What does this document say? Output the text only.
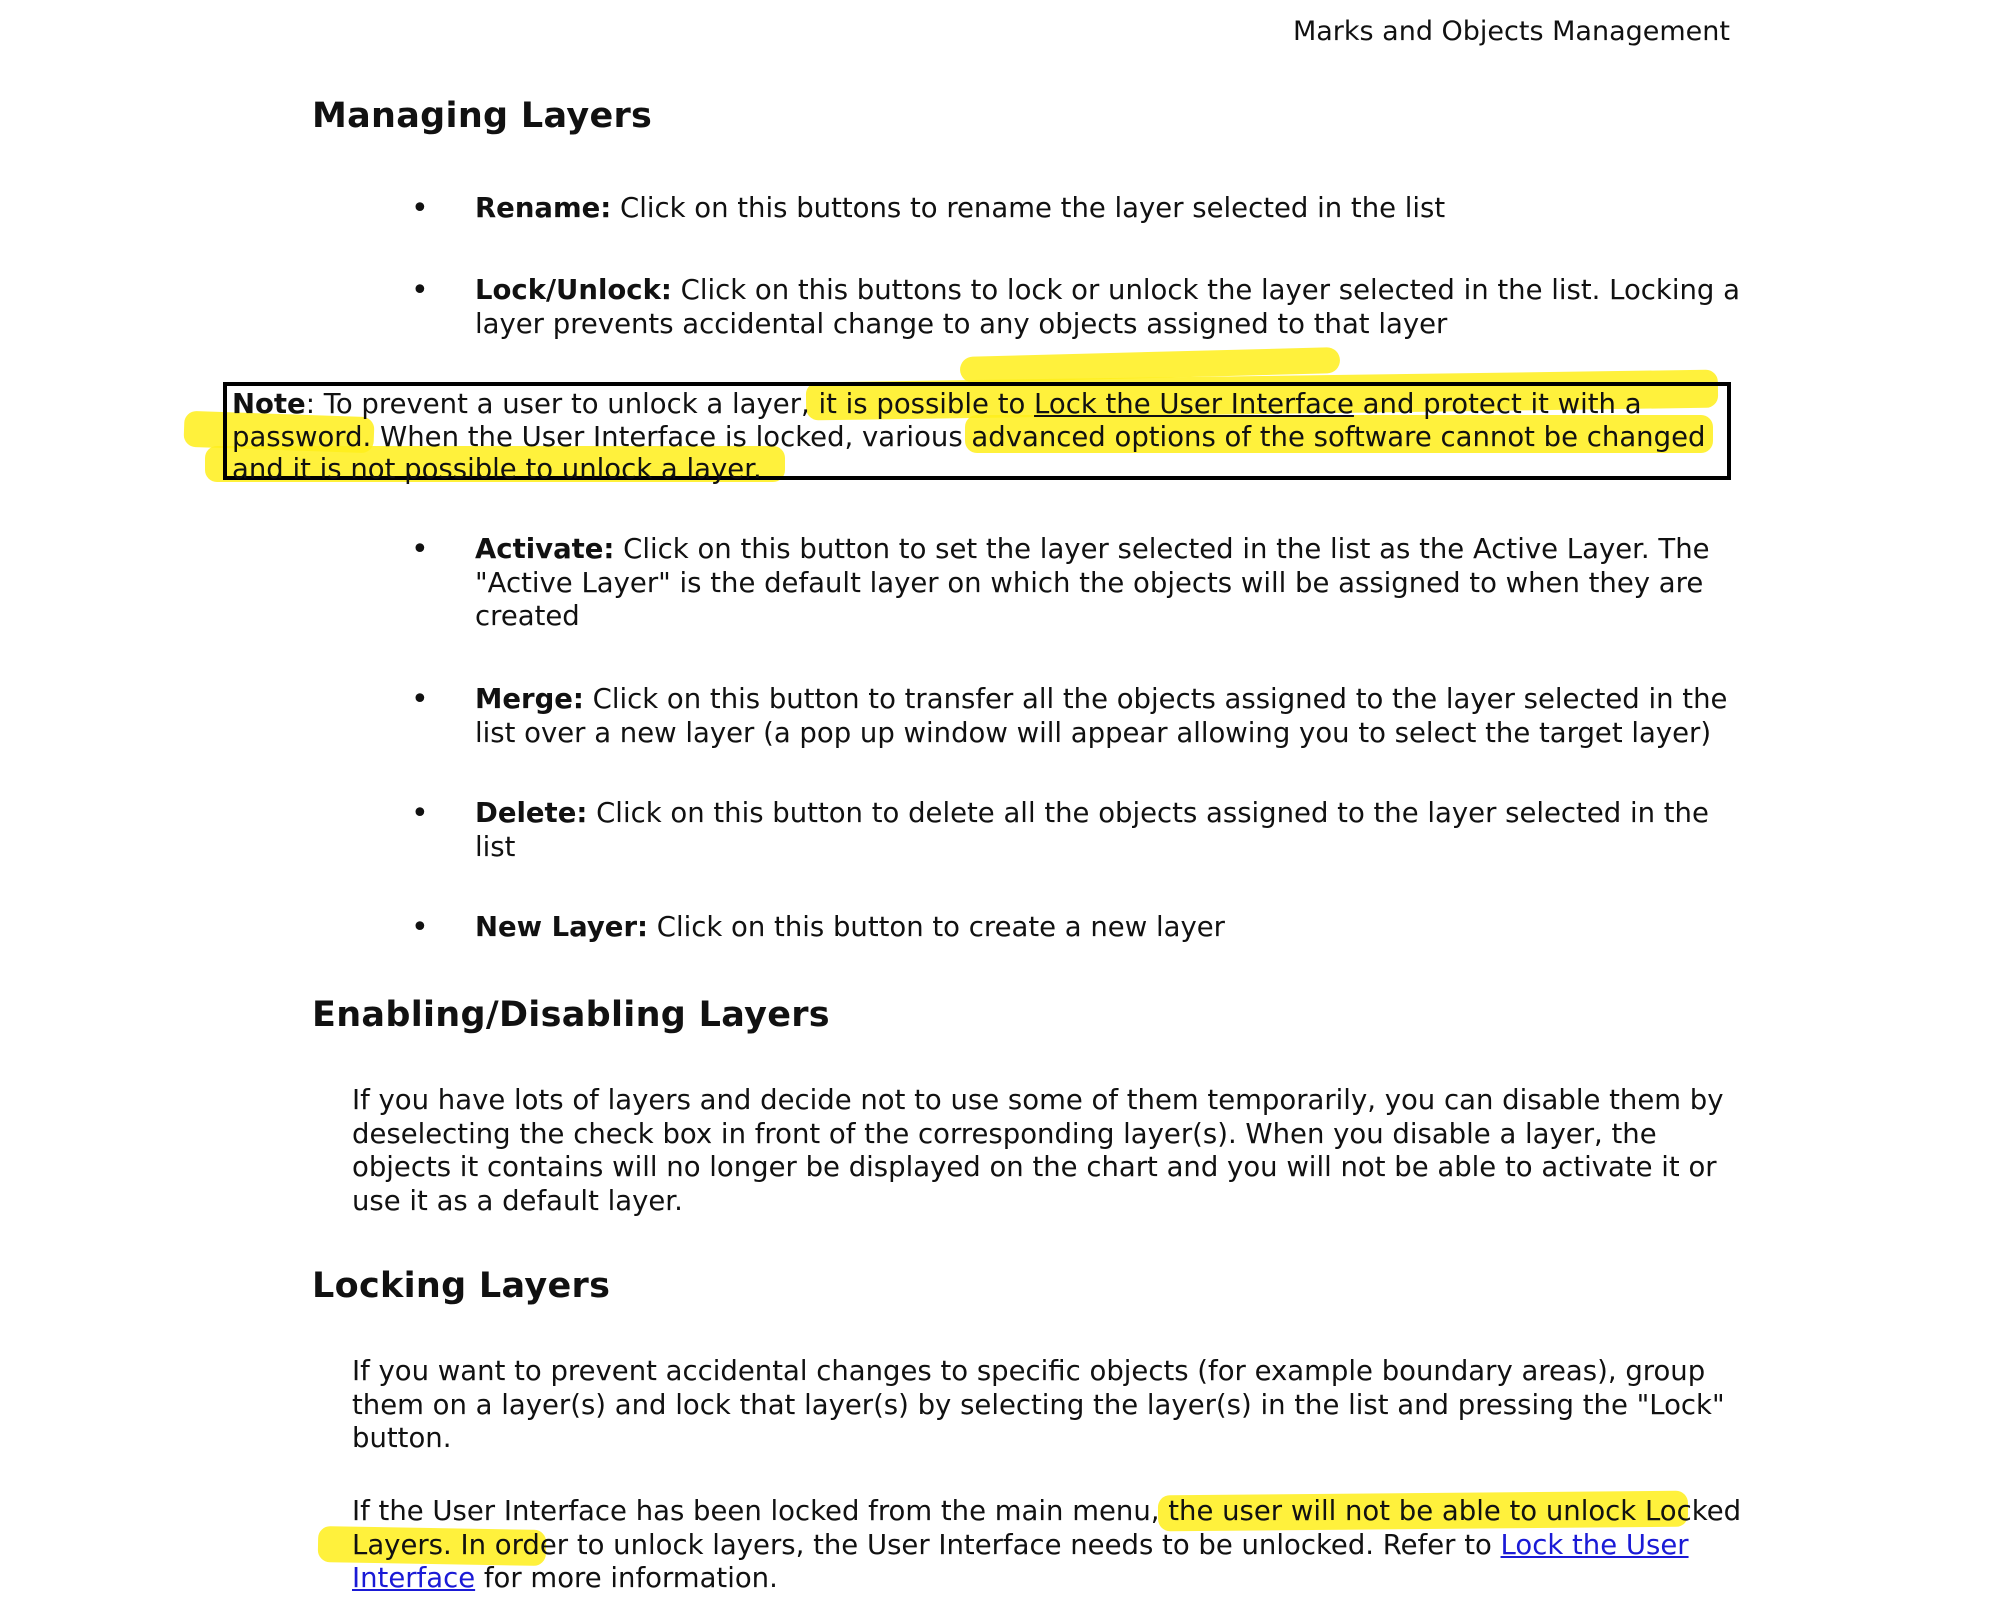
Marks and Objects Management
Managing Layers
• Rename: Click on this buttons to rename the layer selected in the list
• Lock/Unlock: Click on this buttons to lock or unlock the layer selected in the list. Locking a layer prevents accidental change to any objects assigned to that layer
Note: To prevent a user to unlock a layer, it is possible to Lock the User Interface and protect it with a password. When the User Interface is locked, various advanced options of the software cannot be changed and it is not possible to unlock a layer.
• Activate: Click on this button to set the layer selected in the list as the Active Layer. The "Active Layer" is the default layer on which the objects will be assigned to when they are created
• Merge: Click on this button to transfer all the objects assigned to the layer selected in the list over a new layer (a pop up window will appear allowing you to select the target layer)
• Delete: Click on this button to delete all the objects assigned to the layer selected in the list
• New Layer: Click on this button to create a new layer
Enabling/Disabling Layers
If you have lots of layers and decide not to use some of them temporarily, you can disable them by deselecting the check box in front of the corresponding layer(s). When you disable a layer, the objects it contains will no longer be displayed on the chart and you will not be able to activate it or use it as a default layer.
Locking Layers
If you want to prevent accidental changes to specific objects (for example boundary areas), group them on a layer(s) and lock that layer(s) by selecting the layer(s) in the list and pressing the "Lock" button.
If the User Interface has been locked from the main menu, the user will not be able to unlock Locked Layers. In order to unlock layers, the User Interface needs to be unlocked. Refer to Lock the User Interface for more information.
